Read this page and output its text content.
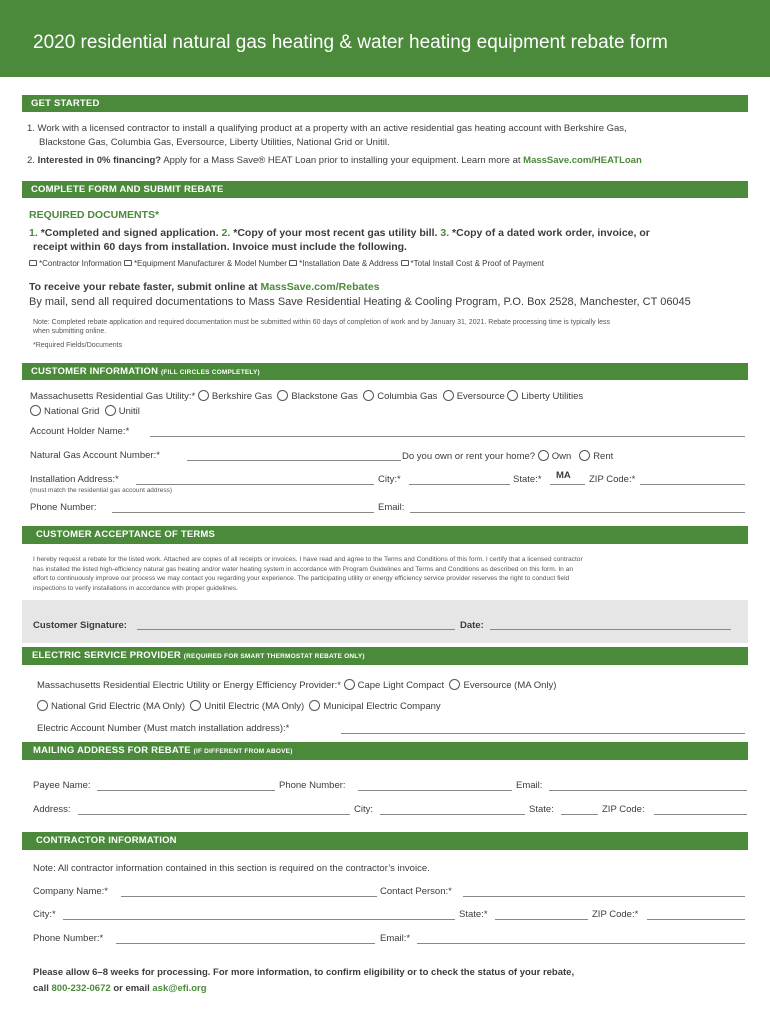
2020 residential natural gas heating & water heating equipment rebate form
GET STARTED
1. Work with a licensed contractor to install a qualifying product at a property with an active residential gas heating account with Berkshire Gas,
Blackstone Gas, Columbia Gas, Eversource, Liberty Utilities, National Grid or Unitil.
2. Interested in 0% financing? Apply for a Mass Save® HEAT Loan prior to installing your equipment. Learn more at MassSave.com/HEATLoan
COMPLETE FORM AND SUBMIT REBATE
REQUIRED DOCUMENTS*
1. *Completed and signed application. 2. *Copy of your most recent gas utility bill. 3. *Copy of a dated work order, invoice, or
receipt within 60 days from installation. Invoice must include the following.
*Contractor Information *Equipment Manufacturer & Model Number *Installation Date & Address *Total Install Cost & Proof of Payment
To receive your rebate faster, submit online at MassSave.com/Rebates
By mail, send all required documentations to Mass Save Residential Heating & Cooling Program, P.O. Box 2528, Manchester, CT 06045
Note: Completed rebate application and required documentation must be submitted within 60 days of completion of work and by January 31, 2021. Rebate processing time is typically less
when submitting online.
*Required Fields/Documents
CUSTOMER INFORMATION (FILL CIRCLES COMPLETELY)
Massachusetts Residential Gas Utility:* Berkshire Gas Blackstone Gas Columbia Gas Eversource Liberty Utilities
National Grid Unitil
Account Holder Name:*
Natural Gas Account Number:*	Do you own or rent your home? Own Rent
Installation Address:*	City:*	State:* MA ZIP Code:*
(must match the residential gas account address)
Phone Number:	Email:
CUSTOMER ACCEPTANCE OF TERMS
I hereby request a rebate for the listed work. Attached are copies of all receipts or invoices. I have read and agree to the Terms and Conditions of this form. I certify that a licensed contractor
has installed the listed high-efficiency natural gas heating and/or water heating system in accordance with Program Guidelines and Terms and Conditions as described on this form. In an
effort to continuously improve our process we may contact you regarding your experience. The participating utility or energy efficiency service provider reserves the right to conduct field
inspections to verify installations in accordance with proper guidelines.
Customer Signature:	Date:
ELECTRIC SERVICE PROVIDER (REQUIRED FOR SMART THERMOSTAT REBATE ONLY)
Massachusetts Residential Electric Utility or Energy Efficiency Provider:* Cape Light Compact Eversource (MA Only)
National Grid Electric (MA Only) Unitil Electric (MA Only) Municipal Electric Company
Electric Account Number (Must match installation address):*
MAILING ADDRESS FOR REBATE (IF DIFFERENT FROM ABOVE)
Payee Name:	Phone Number:	Email:
Address:	City:	State:	ZIP Code:
CONTRACTOR INFORMATION
Note: All contractor information contained in this section is required on the contractor’s invoice.
Company Name:*	Contact Person:*
City:*	State:*	ZIP Code:*
Phone Number:*	Email:*
Please allow 6–8 weeks for processing. For more information, to confirm eligibility or to check the status of your rebate,
call 800-232-0672 or email ask@efi.org
